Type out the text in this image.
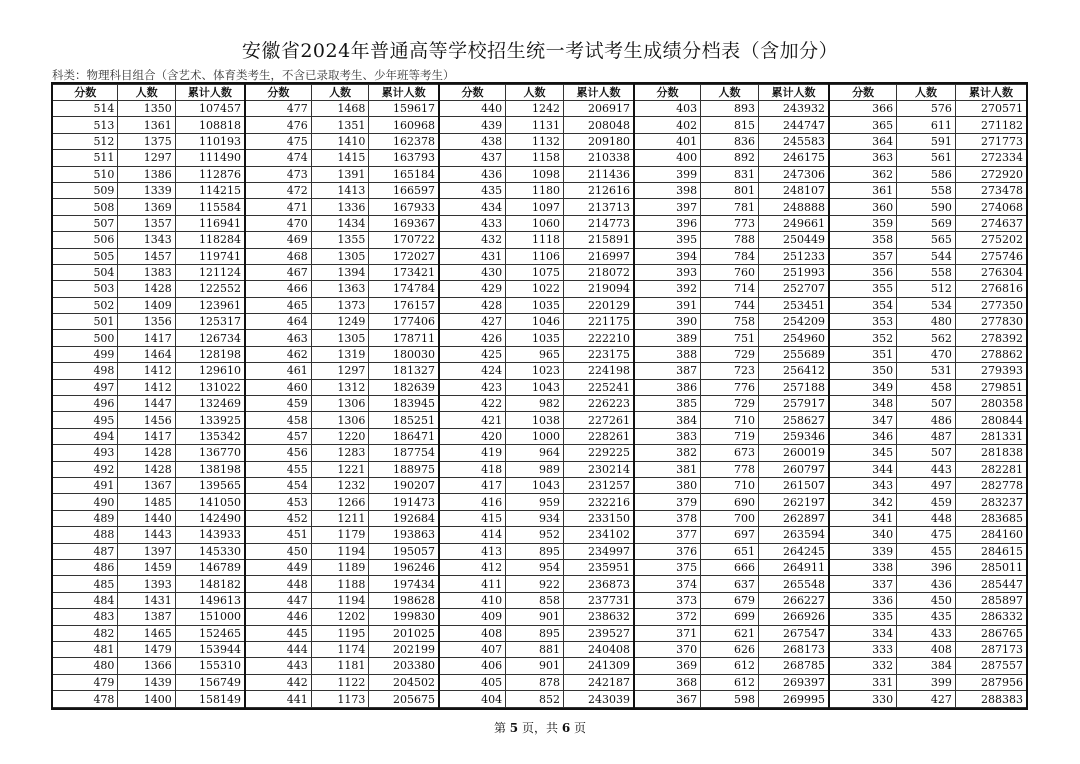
安徽省2024年普通高等学校招生统一考试考生成绩分档表（含加分）
科类：物理科目组合（含艺术、体育类考生，不含已录取考生、少年班等考生）
分数	人数	累计人数
514	1350	107457
513	1361	108818
512	1375	110193
511	1297	111490
510	1386	112876
509	1339	114215
508	1369	115584
507	1357	116941
506	1343	118284
505	1457	119741
504	1383	121124
503	1428	122552
502	1409	123961
501	1356	125317
500	1417	126734
499	1464	128198
498	1412	129610
497	1412	131022
496	1447	132469
495	1456	133925
494	1417	135342
493	1428	136770
492	1428	138198
491	1367	139565
490	1485	141050
489	1440	142490
488	1443	143933
487	1397	145330
486	1459	146789
485	1393	148182
484	1431	149613
483	1387	151000
482	1465	152465
481	1479	153944
480	1366	155310
479	1439	156749
478	1400	158149
分数	人数	累计人数
477	1468	159617
476	1351	160968
475	1410	162378
474	1415	163793
473	1391	165184
472	1413	166597
471	1336	167933
470	1434	169367
469	1355	170722
468	1305	172027
467	1394	173421
466	1363	174784
465	1373	176157
464	1249	177406
463	1305	178711
462	1319	180030
461	1297	181327
460	1312	182639
459	1306	183945
458	1306	185251
457	1220	186471
456	1283	187754
455	1221	188975
454	1232	190207
453	1266	191473
452	1211	192684
451	1179	193863
450	1194	195057
449	1189	196246
448	1188	197434
447	1194	198628
446	1202	199830
445	1195	201025
444	1174	202199
443	1181	203380
442	1122	204502
441	1173	205675
分数	人数	累计人数
440	1242	206917
439	1131	208048
438	1132	209180
437	1158	210338
436	1098	211436
435	1180	212616
434	1097	213713
433	1060	214773
432	1118	215891
431	1106	216997
430	1075	218072
429	1022	219094
428	1035	220129
427	1046	221175
426	1035	222210
425	965	223175
424	1023	224198
423	1043	225241
422	982	226223
421	1038	227261
420	1000	228261
419	964	229225
418	989	230214
417	1043	231257
416	959	232216
415	934	233150
414	952	234102
413	895	234997
412	954	235951
411	922	236873
410	858	237731
409	901	238632
408	895	239527
407	881	240408
406	901	241309
405	878	242187
404	852	243039
分数	人数	累计人数
403	893	243932
402	815	244747
401	836	245583
400	892	246175
399	831	247306
398	801	248107
397	781	248888
396	773	249661
395	788	250449
394	784	251233
393	760	251993
392	714	252707
391	744	253451
390	758	254209
389	751	254960
388	729	255689
387	723	256412
386	776	257188
385	729	257917
384	710	258627
383	719	259346
382	673	260019
381	778	260797
380	710	261507
379	690	262197
378	700	262897
377	697	263594
376	651	264245
375	666	264911
374	637	265548
373	679	266227
372	699	266926
371	621	267547
370	626	268173
369	612	268785
368	612	269397
367	598	269995
分数	人数	累计人数
366	576	270571
365	611	271182
364	591	271773
363	561	272334
362	586	272920
361	558	273478
360	590	274068
359	569	274637
358	565	275202
357	544	275746
356	558	276304
355	512	276816
354	534	277350
353	480	277830
352	562	278392
351	470	278862
350	531	279393
349	458	279851
348	507	280358
347	486	280844
346	487	281331
345	507	281838
344	443	282281
343	497	282778
342	459	283237
341	448	283685
340	475	284160
339	455	284615
338	396	285011
337	436	285447
336	450	285897
335	435	286332
334	433	286765
333	408	287173
332	384	287557
331	399	287956
330	427	288383
第 5 页，共 6 页
